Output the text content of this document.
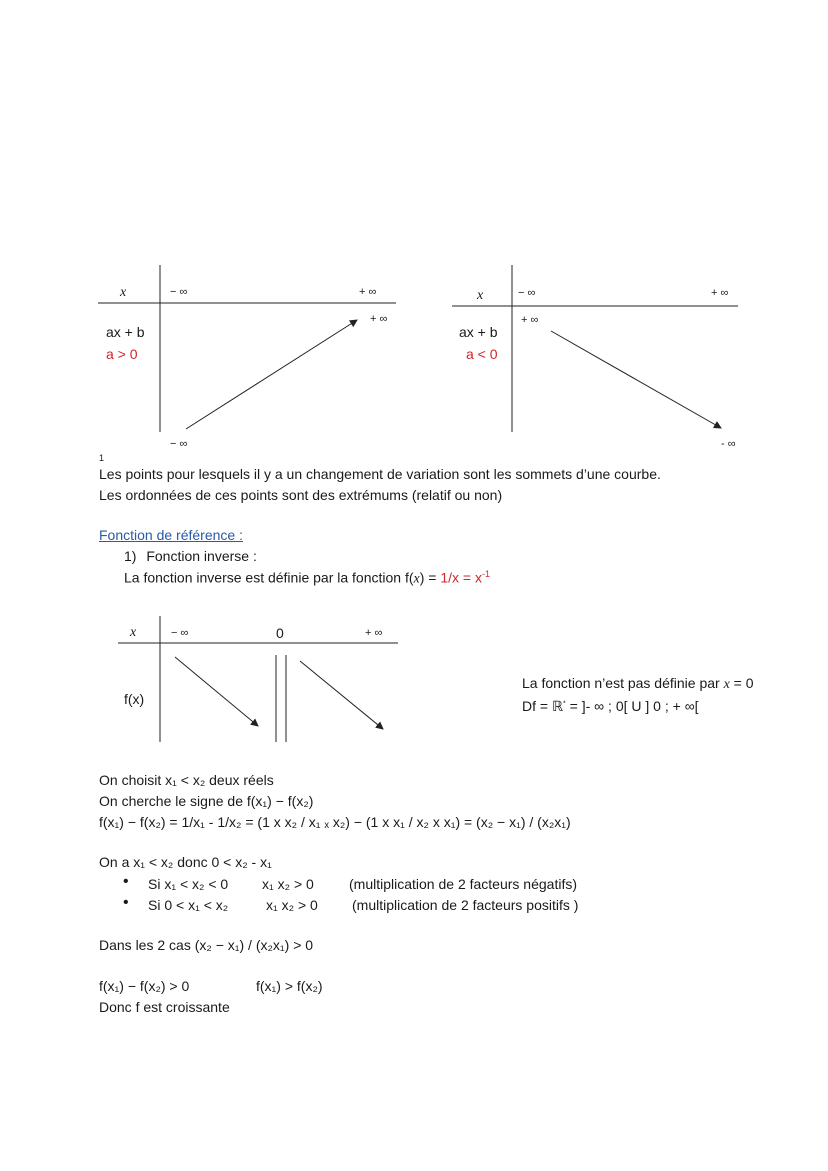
x	− ∞	+ ∞
+ ∞
ax + b
a > 0
− ∞
x	− ∞	+ ∞
+ ∞
ax + b
a < 0
- ∞
1
Les points pour lesquels il y a un changement de variation sont les sommets d’une courbe.
Les ordonnées de ces points sont des extrémums (relatif ou non)
Fonction de référence :
1) Fonction inverse :
La fonction inverse est définie par la fonction $f(x) = 1/x = x^{-1}$
x	− ∞	0	+ ∞
f(x)
La fonction n’est pas définie par x = 0
Df = ℝ* = ]- ∞ ; 0[ U ] 0 ; + ∞[
On choisit x₁ < x₂ deux réels
On cherche le signe de f(x₁) − f(x₂)
f(x₁) − f(x₂) = 1/x₁ - 1/x₂ = (1 x x₂ / x₁ ₓ x₂) − (1 x x₁ / x₂ x x₁) = (x₂ − x₁) / (x₂x₁)
On a x₁ < x₂ donc 0 < x₂ - x₁
• Si x₁ < x₂ < 0 x₁ x₂ > 0	(multiplication de 2 facteurs négatifs)
• Si 0 < x₁ < x₂	x₁ x₂ > 0 (multiplication de 2 facteurs positifs )
Dans les 2 cas (x₂ − x₁) / (x₂x₁) > 0
f(x₁) − f(x₂) > 0	f(x₁) > f(x₂)
Donc f est croissante
